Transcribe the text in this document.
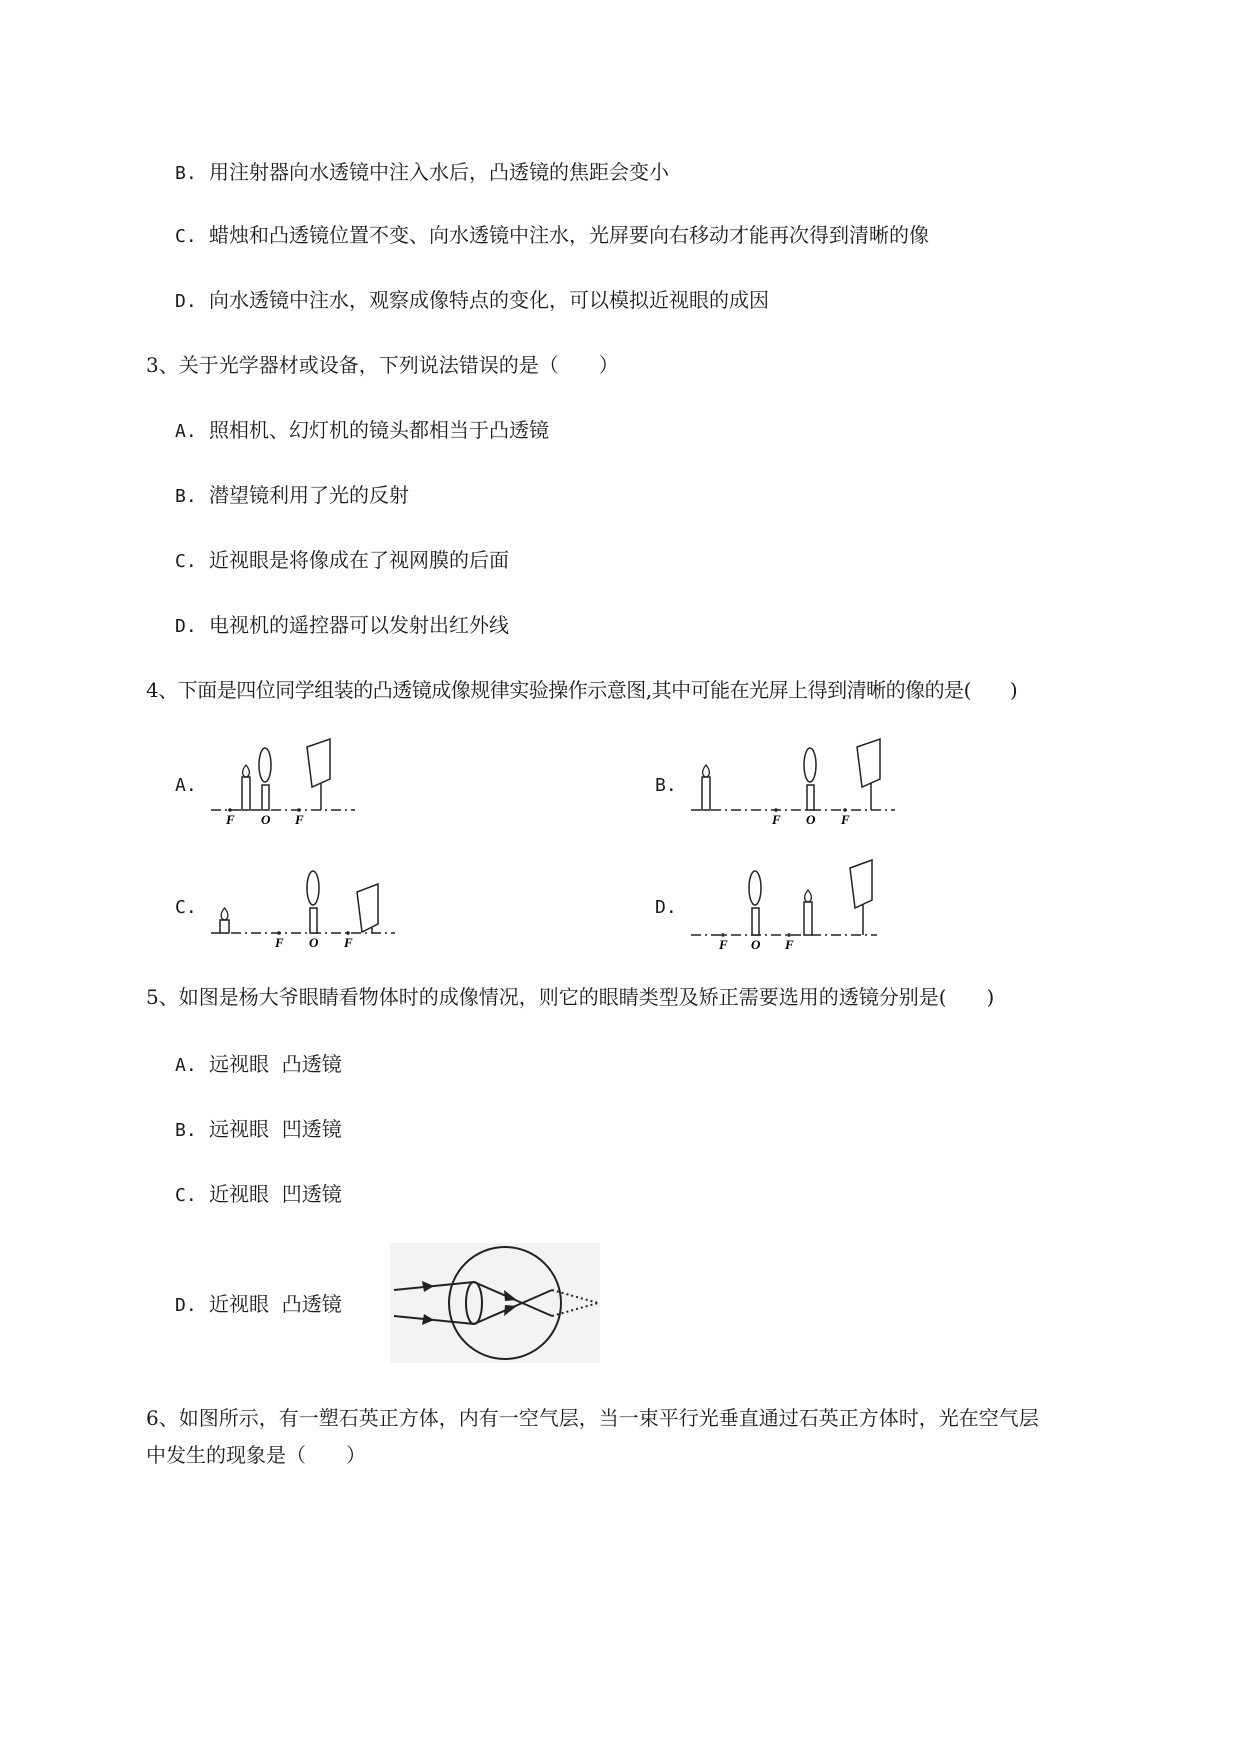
B. 用注射器向水透镜中注入水后，凸透镜的焦距会变小
C. 蜡烛和凸透镜位置不变、向水透镜中注水，光屏要向右移动才能再次得到清晰的像
D. 向水透镜中注水，观察成像特点的变化，可以模拟近视眼的成因
3、关于光学器材或设备，下列说法错误的是（　　）
A. 照相机、幻灯机的镜头都相当于凸透镜
B. 潜望镜利用了光的反射
C. 近视眼是将像成在了视网膜的后面
D. 电视机的遥控器可以发射出红外线
4、下面是四位同学组装的凸透镜成像规律实验操作示意图,其中可能在光屏上得到清晰的像的是(　　)
A.
F O F
B.
F O F
C.
F O F
D.
F O F
5、如图是杨大爷眼睛看物体时的成像情况，则它的眼睛类型及矫正需要选用的透镜分别是(　　)
A. 远视眼  凸透镜
B. 远视眼  凹透镜
C. 近视眼  凹透镜
D. 近视眼  凸透镜
6、如图所示，有一塑石英正方体，内有一空气层，当一束平行光垂直通过石英正方体时，光在空气层
中发生的现象是（　　）
